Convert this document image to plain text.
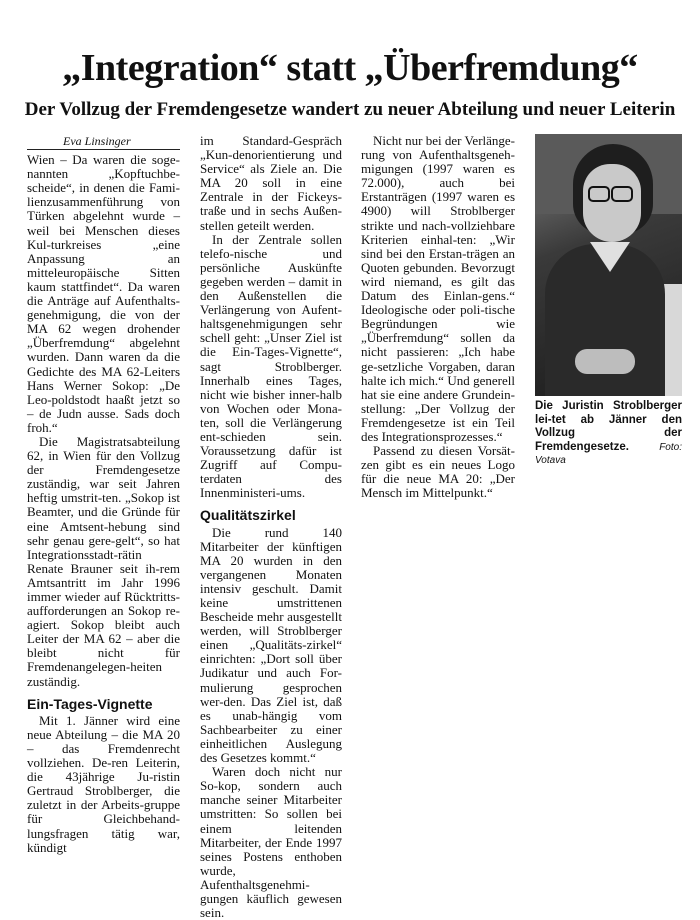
„Integration“ statt „Überfremdung“
Der Vollzug der Fremdengesetze wandert zu neuer Abteilung und neuer Leiterin
Eva Linsinger

Wien – Da waren die soge-nannten „Kopftuchbe-scheide“, in denen die Fami-lienzusammenführung von Türken abgelehnt wurde – weil bei Menschen dieses Kul-turkreises „eine Anpassung an mitteleuropäische Sitten kaum stattfindet“. Da waren die Anträge auf Aufenthalts-genehmigung, die von der MA 62 wegen drohender „Überfremdung“ abgelehnt wurden. Dann waren da die Gedichte des MA 62-Leiters Hans Werner Sokop: „De Leo-poldstodt haaßt jetzt so – de Judn ausse. Sads doch froh.“

Die Magistratsabteilung 62, in Wien für den Vollzug der Fremdengesetze zuständig, war seit Jahren heftig umstrit-ten. „Sokop ist Beamter, und die Gründe für eine Amtsent-hebung sind sehr genau gere-gelt“, so hat Integrationsstadt-rätin Renate Brauner seit ih-rem Amtsantritt im Jahr 1996 immer wieder auf Rücktritts-aufforderungen an Sokop re-agiert. Sokop bleibt auch Leiter der MA 62 – aber die bleibt nicht für Fremdenangelegen-heiten zuständig.

Ein-Tages-Vignette

Mit 1. Jänner wird eine neue Abteilung – die MA 20 – das Fremdenrecht vollziehen. De-ren Leiterin, die 43jährige Ju-ristin Gertraud Stroblberger, die zuletzt in der Arbeits-gruppe für Gleichbehand-lungsfragen tätig war, kündigt

im Standard-Gespräch „Kun-denorientierung und Service“ als Ziele an. Die MA 20 soll in eine Zentrale in der Fickeys-traße und in sechs Außen-stellen geteilt werden.

In der Zentrale sollen telefo-nische und persönliche Auskünfte gegeben werden – damit in den Außenstellen die Verlängerung von Aufent-haltsgenehmigungen sehr schell geht: „Unser Ziel ist die Ein-Tages-Vignette“, sagt Stroblberger. Innerhalb eines Tages, nicht wie bisher inner-halb von Wochen oder Mona-ten, soll die Verlängerung ent-schieden sein. Voraussetzung dafür ist Zugriff auf Compu-terdaten des Innenministeri-ums.

Qualitätszirkel

Die rund 140 Mitarbeiter der künftigen MA 20 wurden in den vergangenen Monaten intensiv geschult. Damit keine umstrittenen Bescheide mehr ausgestellt werden, will Stroblberger einen „Qualitäts-zirkel“ einrichten: „Dort soll über Judikatur und auch For-mulierung gesprochen wer-den. Das Ziel ist, daß es unab-hängig vom Sachbearbeiter zu einer einheitlichen Auslegung des Gesetzes kommt.“

Waren doch nicht nur So-kop, sondern auch manche seiner Mitarbeiter umstritten: So sollen bei einem leitenden Mitarbeiter, der Ende 1997 seines Postens enthoben wurde, Aufenthaltsgenehmi-gungen käuflich gewesen sein.

Nicht nur bei der Verlänge-rung von Aufenthaltsgeneh-migungen (1997 waren es 72.000), auch bei Erstanträgen (1997 waren es 4900) will Stroblberger strikte und nach-vollziehbare Kriterien einhal-ten: „Wir sind bei den Erstan-trägen an Quoten gebunden. Bevorzugt wird niemand, es gilt das Datum des Einlan-gens.“ Ideologische oder poli-tische Begründungen wie „Überfremdung“ sollen da nicht passieren: „Ich habe ge-setzliche Vorgaben, daran halte ich mich.“ Und generell hat sie eine andere Grundein-stellung: „Der Vollzug der Fremdengesetze ist ein Teil des Integrationsprozesses.“

Passend zu diesen Vorsät-zen gibt es ein neues Logo für die neue MA 20: „Der Mensch im Mittelpunkt.“

Die Juristin Stroblberger lei-tet ab Jänner den Vollzug der Fremdengesetze.	Foto: Votava
